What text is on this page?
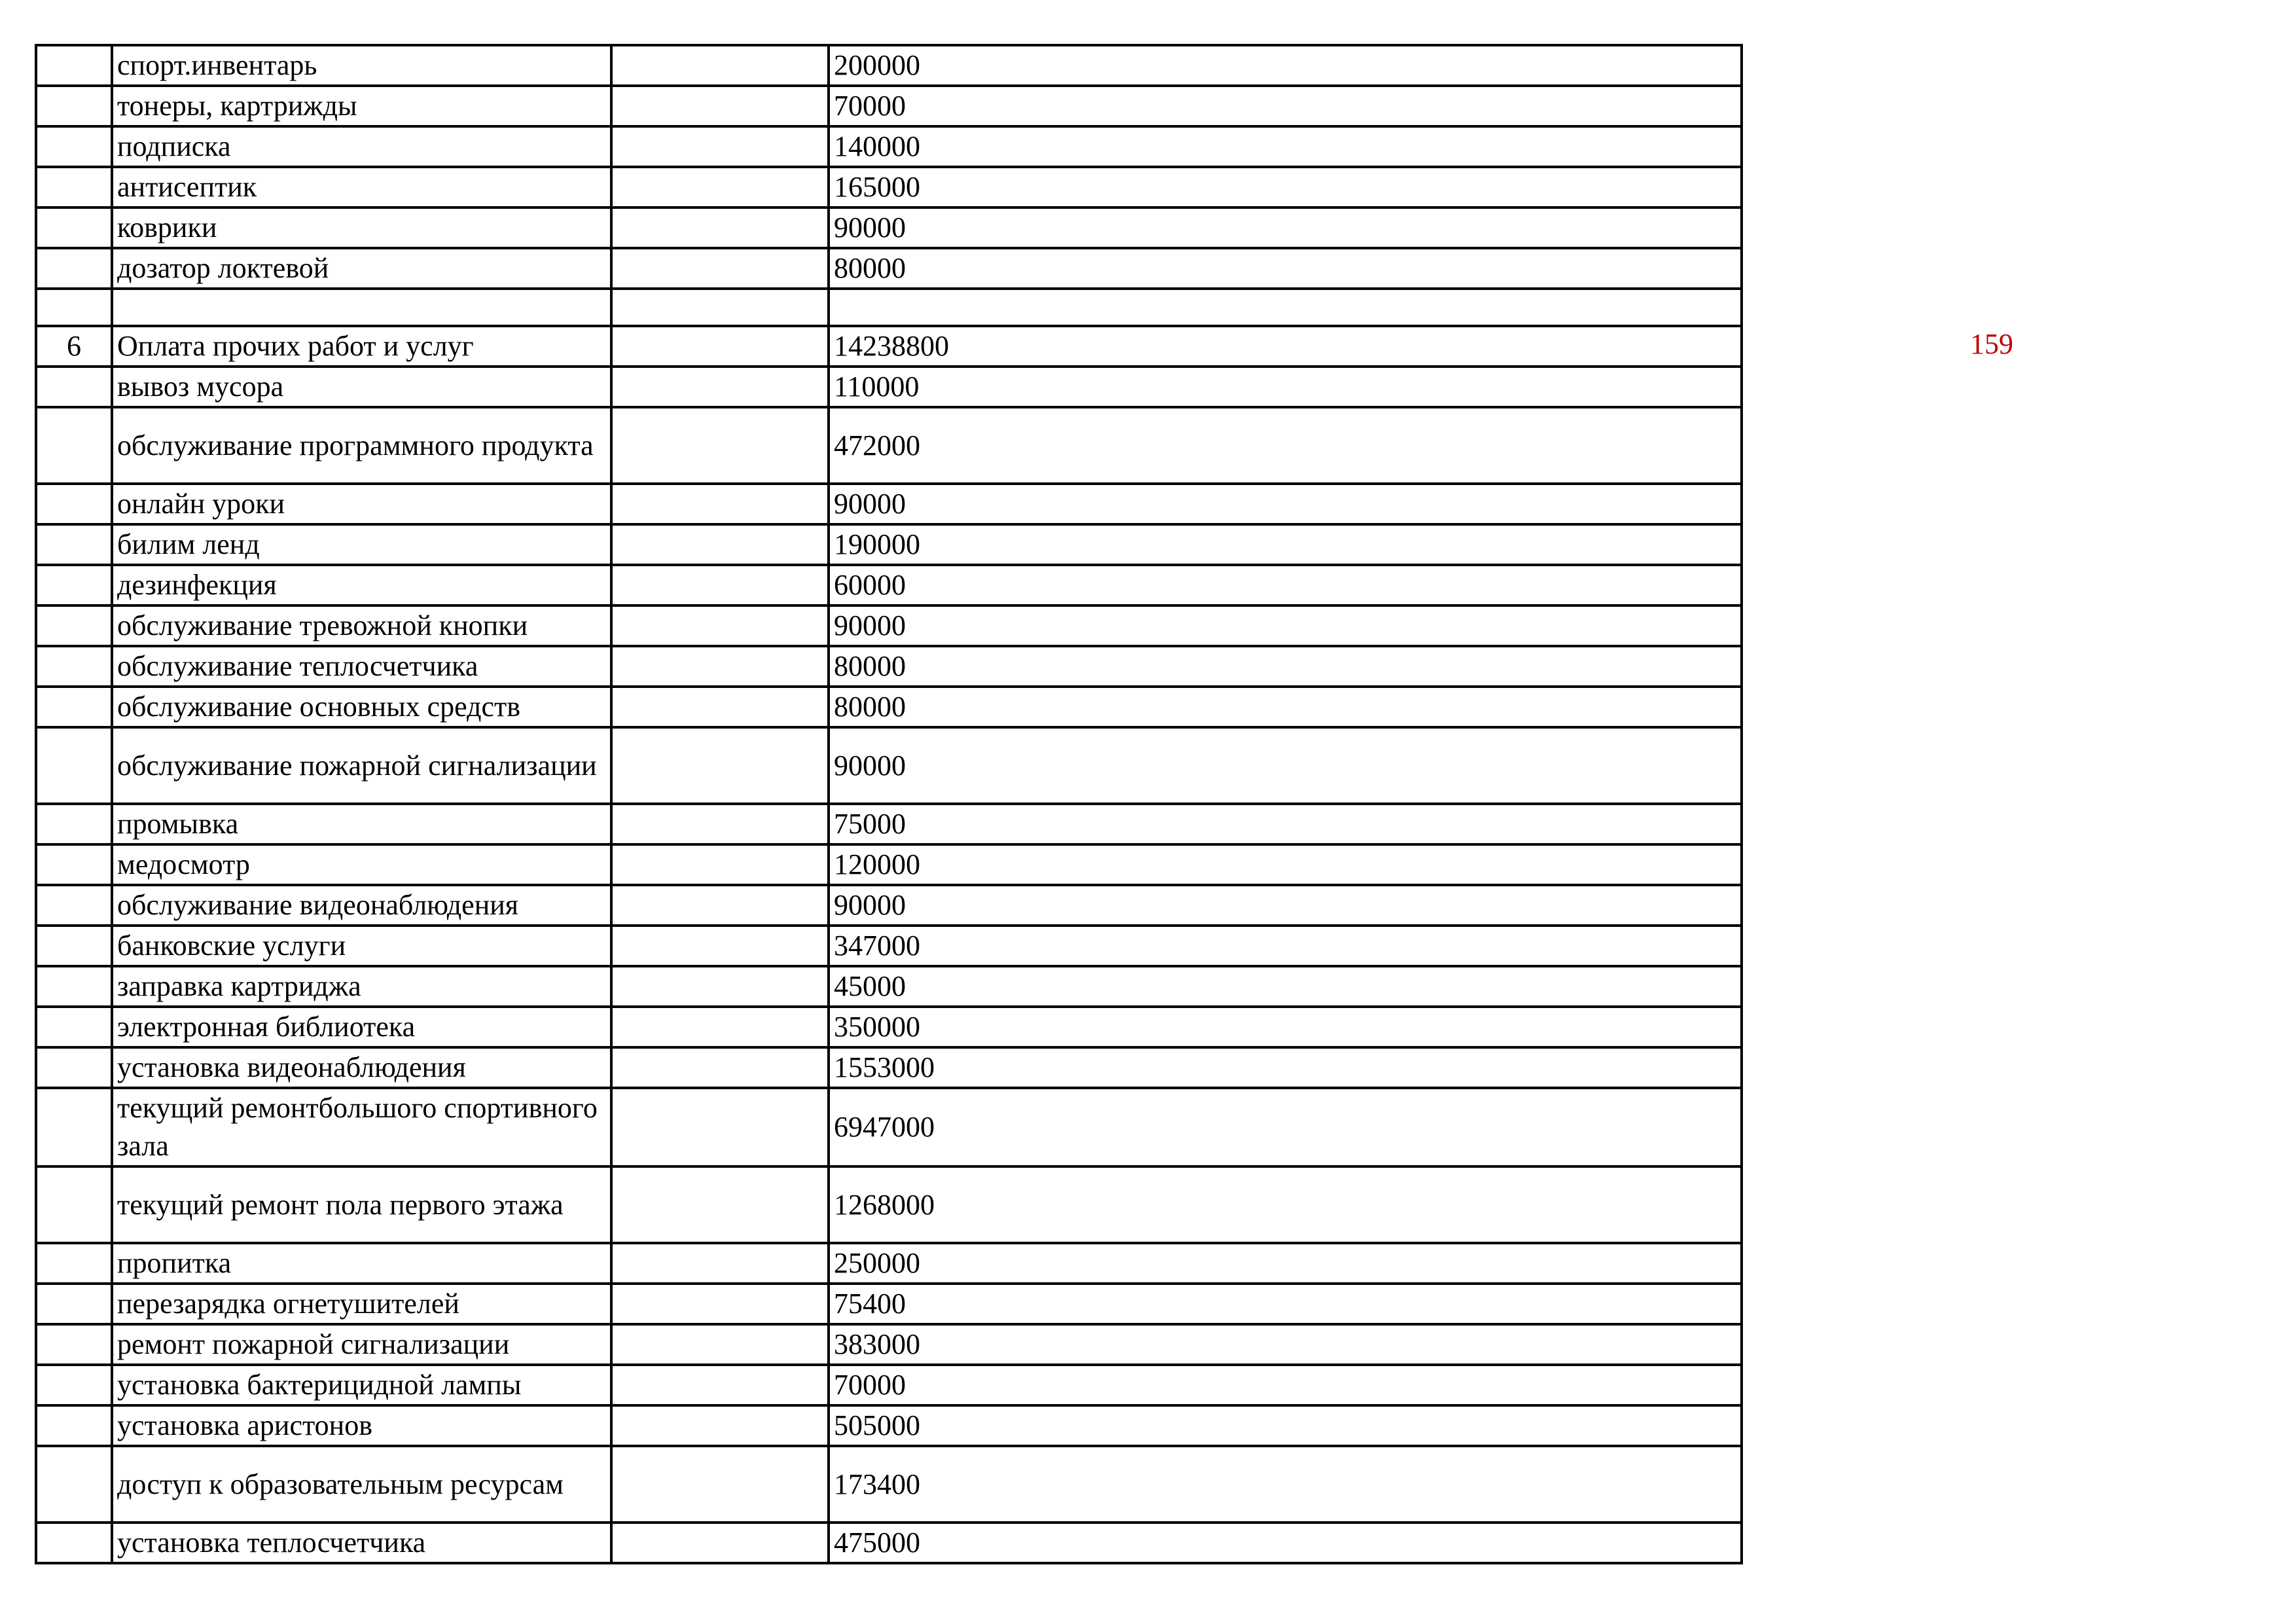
	спорт.инвентарь		200000
	тонеры, картрижды		70000
	подписка		140000
	антисептик		165000
	коврики		90000
	дозатор локтевой		80000

6	Оплата прочих работ и услуг		14238800
	вывоз мусора		110000
	обслуживание программного продукта		472000
	онлайн уроки		90000
	билим ленд		190000
	дезинфекция		60000
	обслуживание тревожной кнопки		90000
	обслуживание теплосчетчика		80000
	обслуживание основных средств		80000
	обслуживание пожарной сигнализации		90000
	промывка		75000
	медосмотр		120000
	обслуживание видеонаблюдения		90000
	банковские услуги		347000
	заправка картриджа		45000
	электронная библиотека		350000
	установка видеонаблюдения		1553000
	текущий ремонтбольшого спортивного зала		6947000
	текущий ремонт пола первого этажа		1268000
	пропитка		250000
	перезарядка огнетушителей		75400
	ремонт пожарной сигнализации		383000
	установка бактерицидной лампы		70000
	установка аристонов		505000
	доступ к образовательным ресурсам		173400
	установка теплосчетчика		475000
159
